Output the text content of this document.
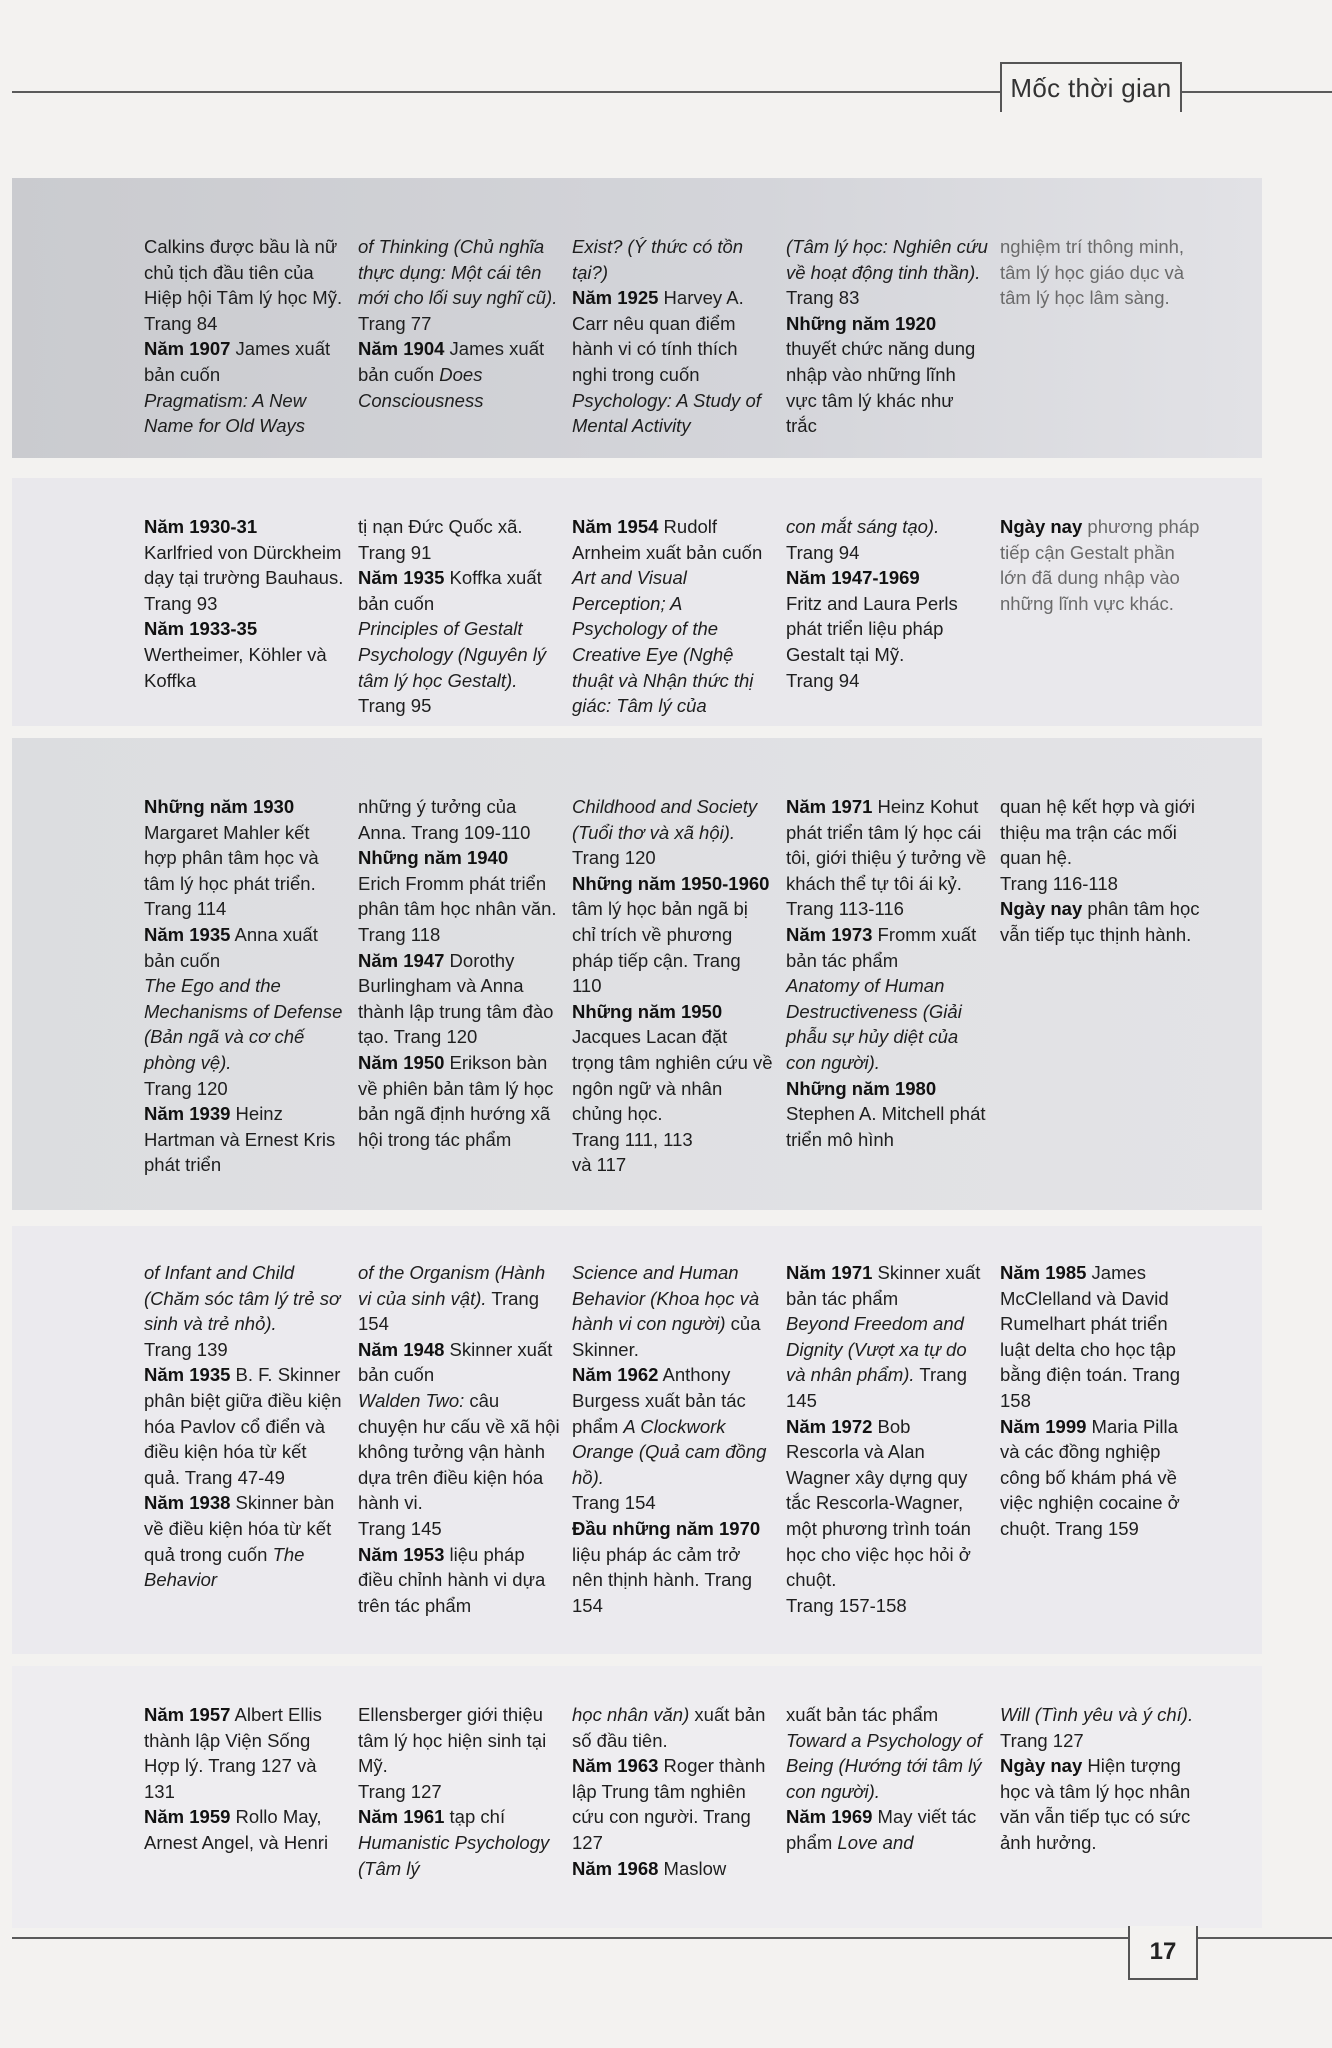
Mốc thời gian
Calkins được bầu là nữ chủ tịch đầu tiên của Hiệp hội Tâm lý học Mỹ. Trang 84
Năm 1907 James xuất bản cuốn
Pragmatism: A New Name for Old Ways
of Thinking (Chủ nghĩa thực dụng: Một cái tên mới cho lối suy nghĩ cũ).
Trang 77
Năm 1904 James xuất bản cuốn Does Consciousness
Exist? (Ý thức có tồn tại?)
Năm 1925 Harvey A. Carr nêu quan điểm hành vi có tính thích nghi trong cuốn
Psychology: A Study of Mental Activity
(Tâm lý học: Nghiên cứu về hoạt động tinh thần). Trang 83
Những năm 1920
thuyết chức năng dung nhập vào những lĩnh vực tâm lý khác như trắc
nghiệm trí thông minh, tâm lý học giáo dục và tâm lý học lâm sàng.
Năm 1930-31
Karlfried von Dürckheim dạy tại trường Bauhaus.
Trang 93
Năm 1933-35
Wertheimer, Köhler và Koffka
tị nạn Đức Quốc xã.
Trang 91
Năm 1935 Koffka xuất bản cuốn
Principles of Gestalt Psychology (Nguyên lý tâm lý học Gestalt). Trang 95
Năm 1954 Rudolf Arnheim xuất bản cuốn Art and Visual Perception; A Psychology of the Creative Eye (Nghệ thuật và Nhận thức thị giác: Tâm lý của
con mắt sáng tạo).
Trang 94
Năm 1947-1969
Fritz and Laura Perls phát triển liệu pháp Gestalt tại Mỹ.
Trang 94
Ngày nay phương pháp tiếp cận Gestalt phần lớn đã dung nhập vào những lĩnh vực khác.
Những năm 1930
Margaret Mahler kết hợp phân tâm học và tâm lý học phát triển. Trang 114
Năm 1935 Anna xuất bản cuốn
The Ego and the Mechanisms of Defense (Bản ngã và cơ chế phòng vệ).
Trang 120
Năm 1939 Heinz Hartman và Ernest Kris phát triển
những ý tưởng của Anna. Trang 109-110
Những năm 1940
Erich Fromm phát triển phân tâm học nhân văn. Trang 118
Năm 1947 Dorothy Burlingham và Anna thành lập trung tâm đào tạo. Trang 120
Năm 1950 Erikson bàn về phiên bản tâm lý học bản ngã định hướng xã hội trong tác phẩm
Childhood and Society (Tuổi thơ và xã hội). Trang 120
Những năm 1950-1960 tâm lý học bản ngã bị chỉ trích về phương pháp tiếp cận. Trang 110
Những năm 1950
Jacques Lacan đặt trọng tâm nghiên cứu về ngôn ngữ và nhân chủng học.
Trang 111, 113
và 117
Năm 1971 Heinz Kohut phát triển tâm lý học cái tôi, giới thiệu ý tưởng về khách thể tự tôi ái kỷ. Trang 113-116
Năm 1973 Fromm xuất bản tác phẩm
Anatomy of Human Destructiveness (Giải phẫu sự hủy diệt của con người).
Những năm 1980
Stephen A. Mitchell phát triển mô hình
quan hệ kết hợp và giới thiệu ma trận các mối quan hệ.
Trang 116-118
Ngày nay phân tâm học vẫn tiếp tục thịnh hành.
of Infant and Child (Chăm sóc tâm lý trẻ sơ sinh và trẻ nhỏ).
Trang 139
Năm 1935 B. F. Skinner phân biệt giữa điều kiện hóa Pavlov cổ điển và điều kiện hóa từ kết quả. Trang 47-49
Năm 1938 Skinner bàn về điều kiện hóa từ kết quả trong cuốn The Behavior
of the Organism (Hành vi của sinh vật). Trang 154
Năm 1948 Skinner xuất bản cuốn
Walden Two: câu chuyện hư cấu về xã hội không tưởng vận hành dựa trên điều kiện hóa hành vi.
Trang 145
Năm 1953 liệu pháp điều chỉnh hành vi dựa trên tác phẩm
Science and Human Behavior (Khoa học và hành vi con người) của Skinner.
Năm 1962 Anthony Burgess xuất bản tác phẩm A Clockwork Orange (Quả cam đồng hồ).
Trang 154
Đầu những năm 1970 liệu pháp ác cảm trở nên thịnh hành. Trang 154
Năm 1971 Skinner xuất bản tác phẩm
Beyond Freedom and Dignity (Vượt xa tự do và nhân phẩm). Trang 145
Năm 1972 Bob Rescorla và Alan Wagner xây dựng quy tắc Rescorla-Wagner, một phương trình toán học cho việc học hỏi ở chuột.
Trang 157-158
Năm 1985 James McClelland và David Rumelhart phát triển luật delta cho học tập bằng điện toán. Trang 158
Năm 1999 Maria Pilla và các đồng nghiệp công bố khám phá về việc nghiện cocaine ở chuột. Trang 159
Năm 1957 Albert Ellis thành lập Viện Sống Hợp lý. Trang 127 và 131
Năm 1959 Rollo May, Arnest Angel, và Henri
Ellensberger giới thiệu tâm lý học hiện sinh tại Mỹ.
Trang 127
Năm 1961 tạp chí Humanistic Psychology (Tâm lý
học nhân văn) xuất bản số đầu tiên.
Năm 1963 Roger thành lập Trung tâm nghiên cứu con người. Trang 127
Năm 1968 Maslow
xuất bản tác phẩm Toward a Psychology of Being (Hướng tới tâm lý con người).
Năm 1969 May viết tác phẩm Love and
Will (Tình yêu và ý chí). Trang 127
Ngày nay Hiện tượng học và tâm lý học nhân văn vẫn tiếp tục có sức ảnh hưởng.
17
